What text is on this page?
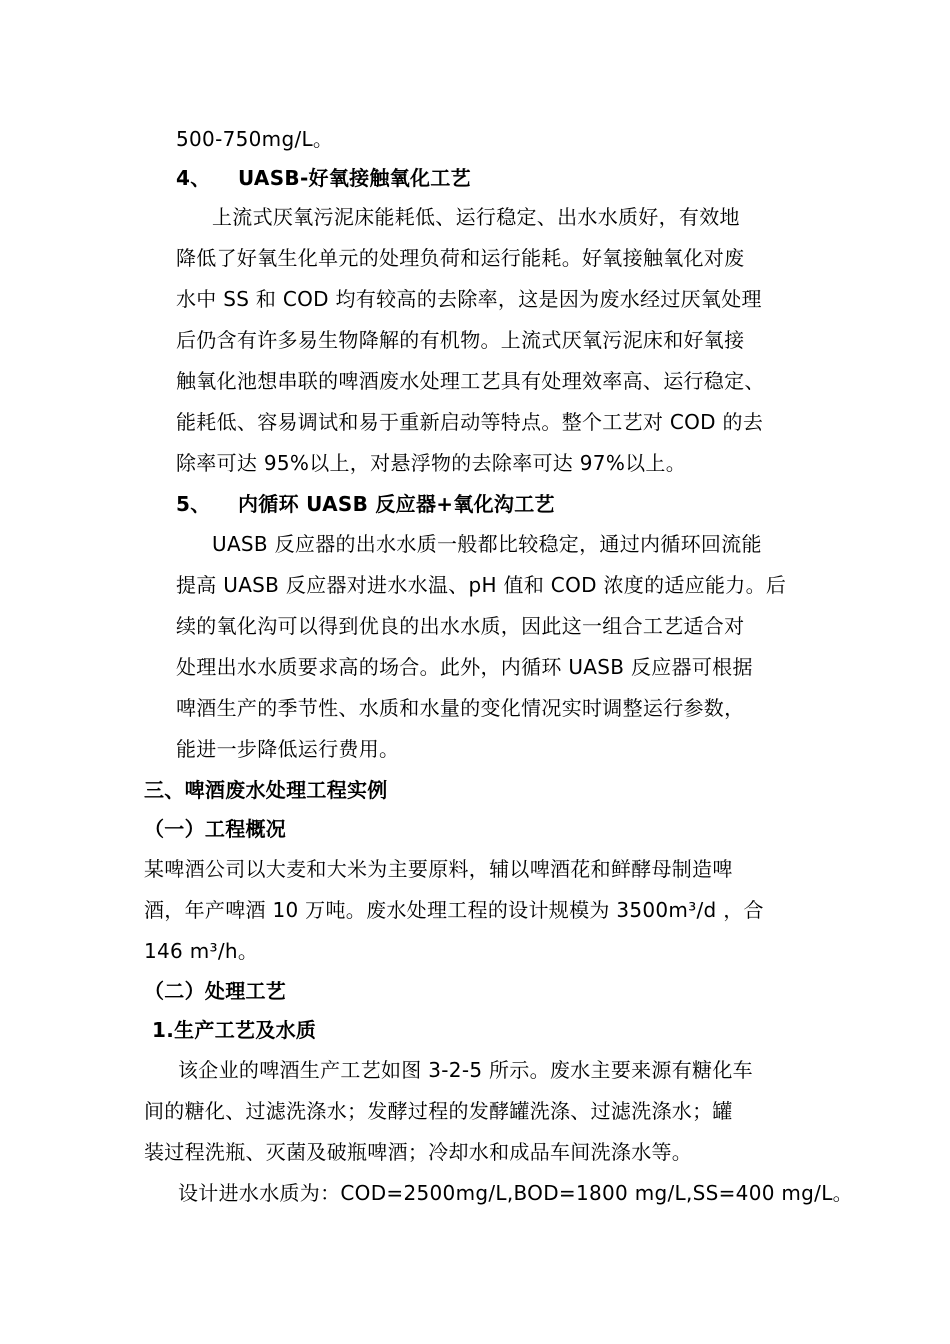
500-750mg/L。
4、 UASB-好氧接触氧化工艺
上流式厌氧污泥床能耗低、运行稳定、出水水质好，有效地
降低了好氧生化单元的处理负荷和运行能耗。好氧接触氧化对废
水中 SS 和 COD 均有较高的去除率，这是因为废水经过厌氧处理
后仍含有许多易生物降解的有机物。上流式厌氧污泥床和好氧接
触氧化池想串联的啤酒废水处理工艺具有处理效率高、运行稳定、
能耗低、容易调试和易于重新启动等特点。整个工艺对 COD 的去
除率可达 95%以上，对悬浮物的去除率可达 97%以上。
5、 内循环 UASB 反应器+氧化沟工艺
UASB 反应器的出水水质一般都比较稳定，通过内循环回流能
提高 UASB 反应器对进水水温、pH 值和 COD 浓度的适应能力。后
续的氧化沟可以得到优良的出水水质，因此这一组合工艺适合对
处理出水水质要求高的场合。此外，内循环 UASB 反应器可根据
啤酒生产的季节性、水质和水量的变化情况实时调整运行参数，
能进一步降低运行费用。
三、啤酒废水处理工程实例
（一）工程概况
某啤酒公司以大麦和大米为主要原料，辅以啤酒花和鲜酵母制造啤
酒，年产啤酒 10 万吨。废水处理工程的设计规模为 3500m³/d ，合
146 m³/h。
（二）处理工艺
1.生产工艺及水质
该企业的啤酒生产工艺如图 3-2-5 所示。废水主要来源有糖化车
间的糖化、过滤洗涤水；发酵过程的发酵罐洗涤、过滤洗涤水；罐
装过程洗瓶、灭菌及破瓶啤酒；冷却水和成品车间洗涤水等。
设计进水水质为：COD=2500mg/L,BOD=1800 mg/L,SS=400 mg/L。
